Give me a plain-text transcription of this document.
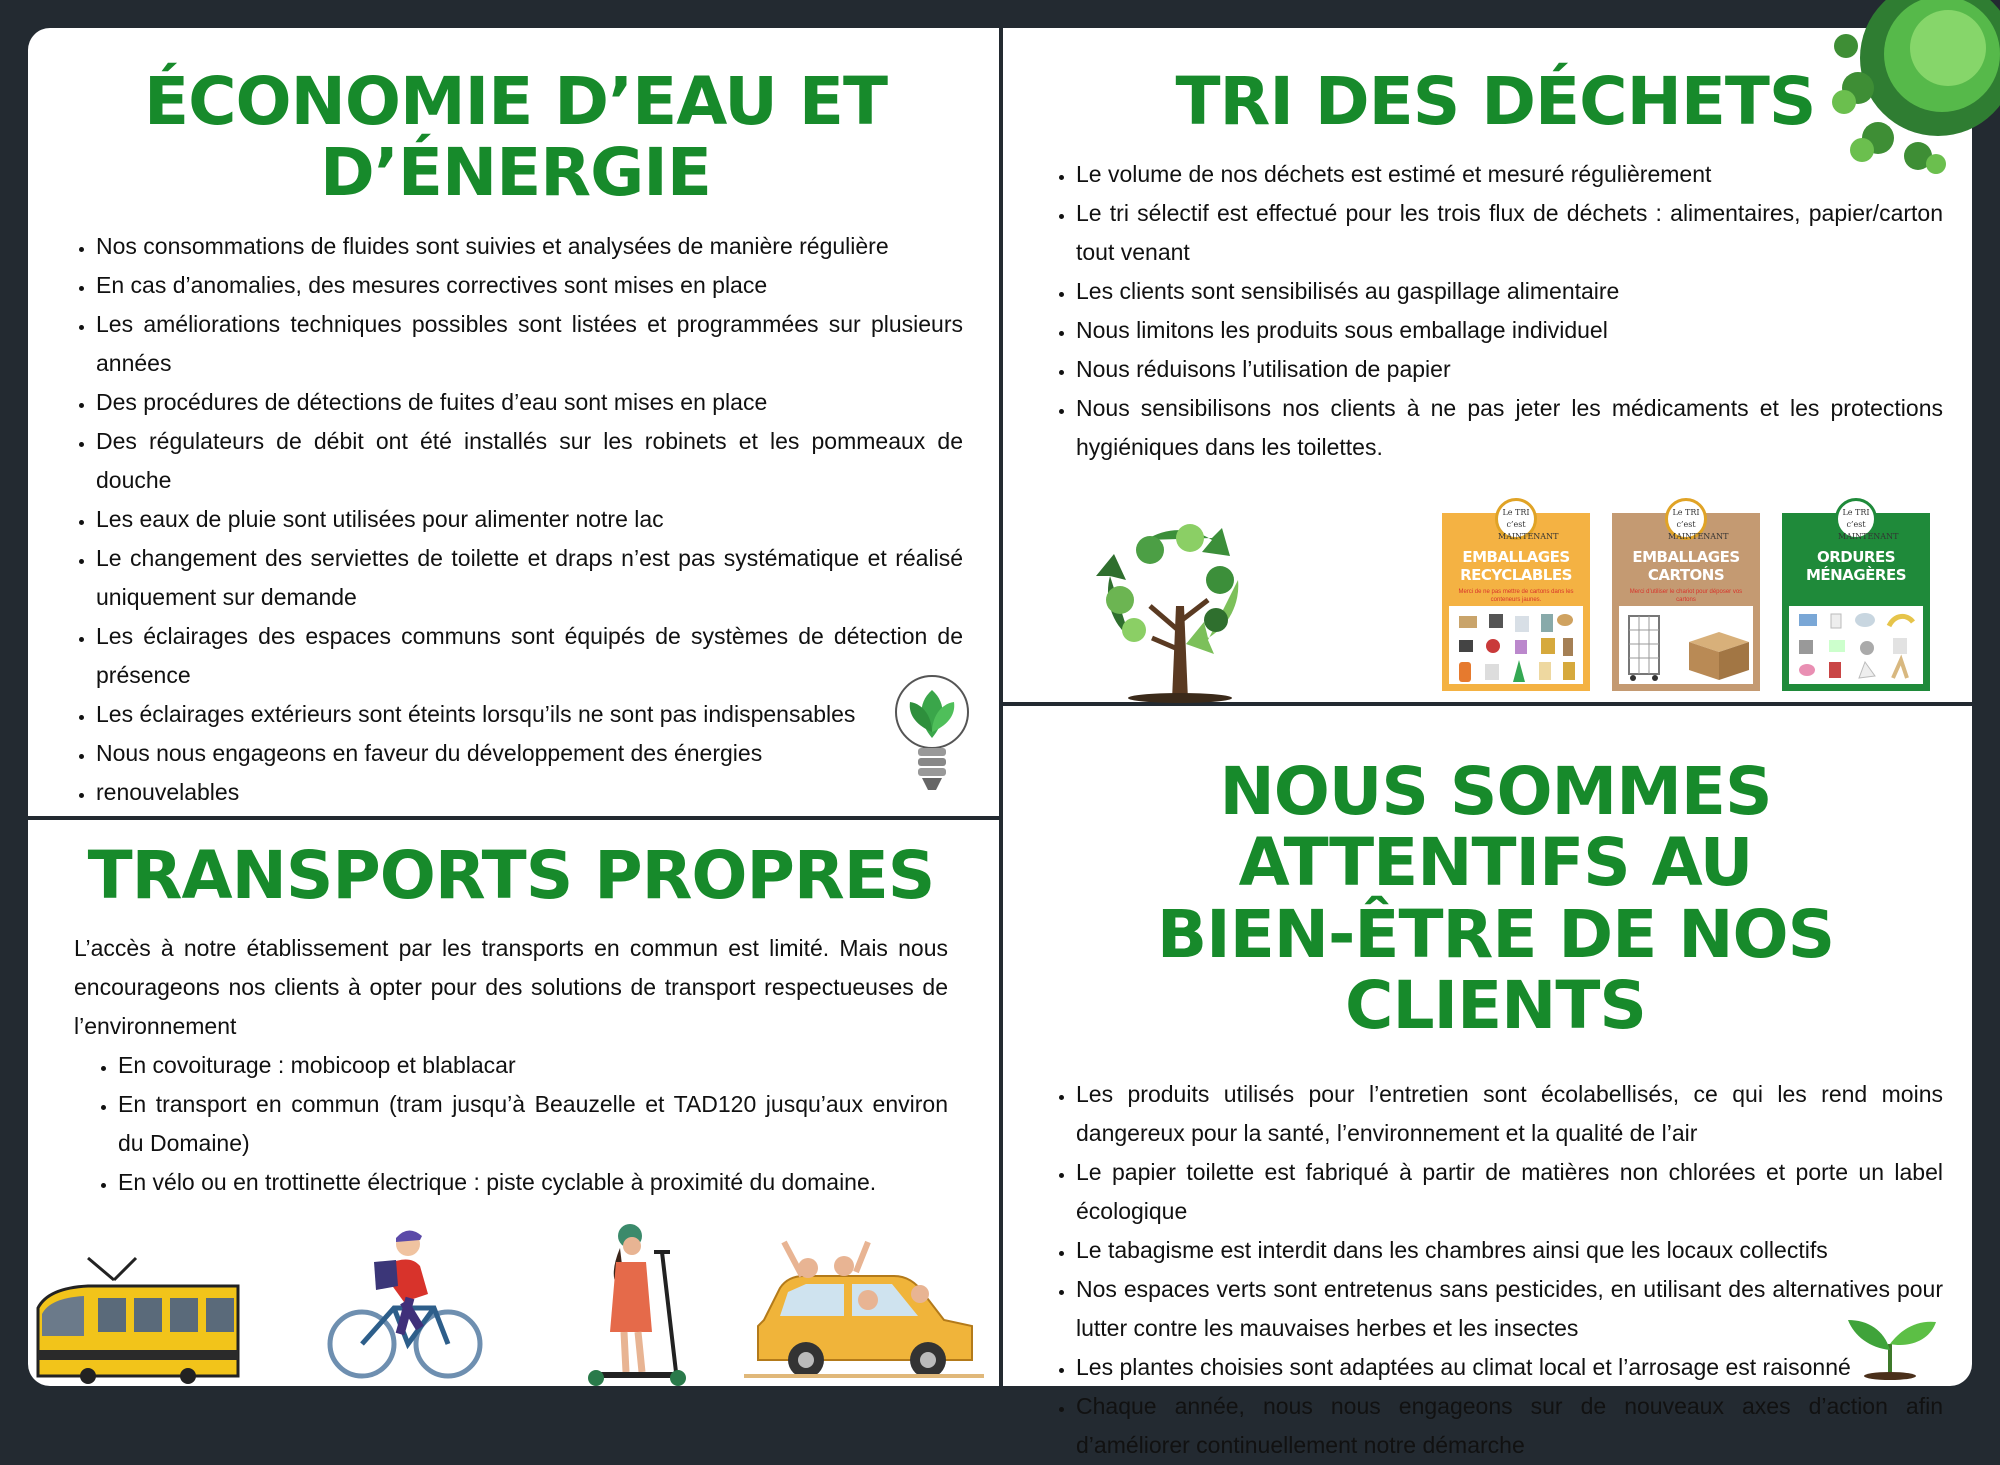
ÉCONOMIE D’EAU ET D’ÉNERGIE
• Nos consommations de fluides sont suivies et analysées de manière régulière
• En cas d’anomalies, des mesures correctives sont mises en place
• Les améliorations techniques possibles sont listées et programmées sur plusieurs années
• Des procédures de détections de fuites d’eau sont mises en place
• Des régulateurs de débit ont été installés sur les robinets et les pommeaux de douche
• Les eaux de pluie sont utilisées pour alimenter notre lac
• Le changement des serviettes de toilette et draps n’est pas systématique et réalisé uniquement sur demande
• Les éclairages des espaces communs sont équipés de systèmes de détection de présence
• Les éclairages extérieurs sont éteints lorsqu’ils ne sont pas indispensables
• Nous nous engageons en faveur du développement des énergies
• renouvelables
TRI DES DÉCHETS
• Le volume de nos déchets est estimé et mesuré régulièrement
• Le tri sélectif est effectué pour les trois flux de déchets : alimentaires, papier/carton tout venant
• Les clients sont sensibilisés au gaspillage alimentaire
• Nous limitons les produits sous emballage individuel
• Nous réduisons l’utilisation de papier
• Nous sensibilisons nos clients à ne pas jeter les médicaments et les protections hygiéniques dans les toilettes.
Le TRI c’est MAINTENANT
EMBALLAGES RECYCLABLES
Merci de ne pas mettre de cartons dans les conteneurs jaunes.
Le TRI c’est MAINTENANT
EMBALLAGES CARTONS
Merci d’utiliser le chariot pour déposer vos cartons
Le TRI c’est MAINTENANT
ORDURES MÉNAGÈRES
TRANSPORTS PROPRES

L’accès à notre établissement par les transports en commun est limité. Mais nous encourageons nos clients à opter pour des solutions de transport respectueuses de l’environnement

• En covoiturage : mobicoop et blablacar
• En transport en commun (tram jusqu’à Beauzelle et TAD120 jusqu’aux environ du Domaine)
• En vélo ou en trottinette électrique : piste cyclable à proximité du domaine.
NOUS SOMMES ATTENTIFS AU
BIEN-ÊTRE DE NOS CLIENTS
• Les produits utilisés pour l’entretien sont écolabellisés, ce qui les rend moins dangereux pour la santé, l’environnement et la qualité de l’air
• Le papier toilette est fabriqué à partir de matières non chlorées et porte un label écologique
• Le tabagisme est interdit dans les chambres ainsi que les locaux collectifs
• Nos espaces verts sont entretenus sans pesticides, en utilisant des alternatives pour lutter contre les mauvaises herbes et les insectes
• Les plantes choisies sont adaptées au climat local et l’arrosage est raisonné
• Chaque année, nous nous engageons sur de nouveaux axes d’action afin d’améliorer continuellement notre démarche
